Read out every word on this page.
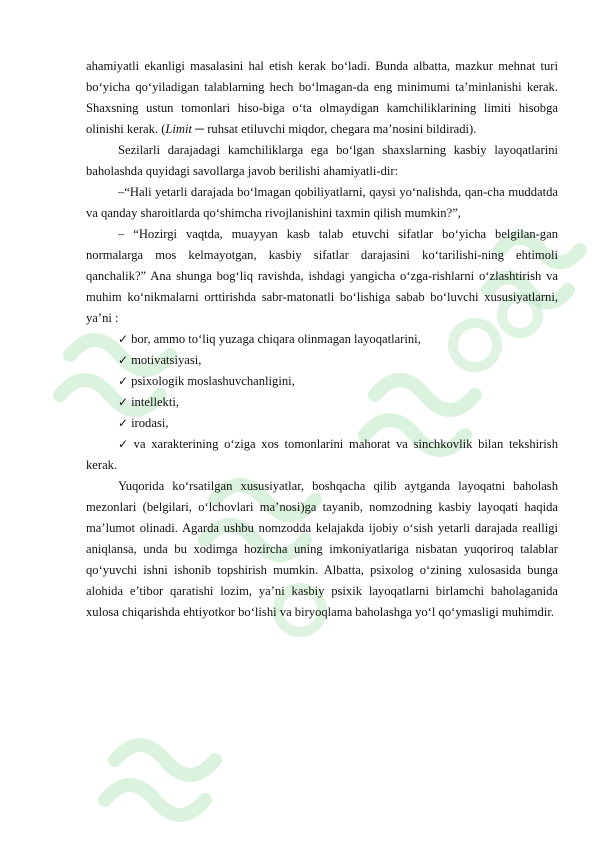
ahamiyatli ekanligi masalasini hal etish kerak bo‘ladi. Bunda albatta, mazkur mehnat turi bo‘yicha qo‘yiladigan talablarning hech bo‘lmagan-da eng minimumi ta’minlanishi kerak. Shaxsning ustun tomonlari hiso-biga o‘ta olmaydigan kamchiliklarining limiti hisobga olinishi kerak. (Limit ─ ruhsat etiluvchi miqdor, chegara ma’nosini bildiradi).

Sezilarli darajadagi kamchiliklarga ega bo‘lgan shaxslarning kasbiy layoqatlarini baholashda quyidagi savollarga javob berilishi ahamiyatli-dir:

–“Hali yetarli darajada bo‘lmagan qobiliyatlarni, qaysi yo‘nalishda, qan-cha muddatda va qanday sharoitlarda qo‘shimcha rivojlanishini taxmin qilish mumkin?”,

– “Hozirgi vaqtda, muayyan kasb talab etuvchi sifatlar bo‘yicha belgilan-gan normalarga mos kelmayotgan, kasbiy sifatlar darajasini ko‘tarilishi-ning ehtimoli qanchalik?” Ana shunga bog‘liq ravishda, ishdagi yangicha o‘zga-rishlarni o‘zlashtirish va muhim ko‘nikmalarni orttirishda sabr-matonatli bo‘lishiga sabab bo‘luvchi xususiyatlarni, ya’ni :

✓ bor, ammo to‘liq yuzaga chiqara olinmagan layoqatlarini,
✓ motivatsiyasi,
✓ psixologik moslashuvchanligini,
✓ intellekti,
✓ irodasi,
✓ va xarakterining o‘ziga xos tomonlarini mahorat va sinchkovlik bilan tekshirish kerak.

Yuqorida ko‘rsatilgan xususiyatlar, boshqacha qilib aytganda layoqatni baholash mezonlari (belgilari, o‘lchovlari ma’nosi)ga tayanib, nomzodning kasbiy layoqati haqida ma’lumot olinadi. Agarda ushbu nomzodda kelajakda ijobiy o‘sish yetarli darajada realligi aniqlansa, unda bu xodimga hozircha uning imkoniyatlariga nisbatan yuqoriroq talablar qo‘yuvchi ishni ishonib topshirish mumkin. Albatta, psixolog o‘zining xulosasida bunga alohida e’tibor qaratishi lozim, ya’ni kasbiy psixik layoqatlarni birlamchi baholaganida xulosa chiqarishda ehtiyotkor bo‘lishi va biryoqlama baholashga yo‘l qo‘ymasligi muhimdir.
